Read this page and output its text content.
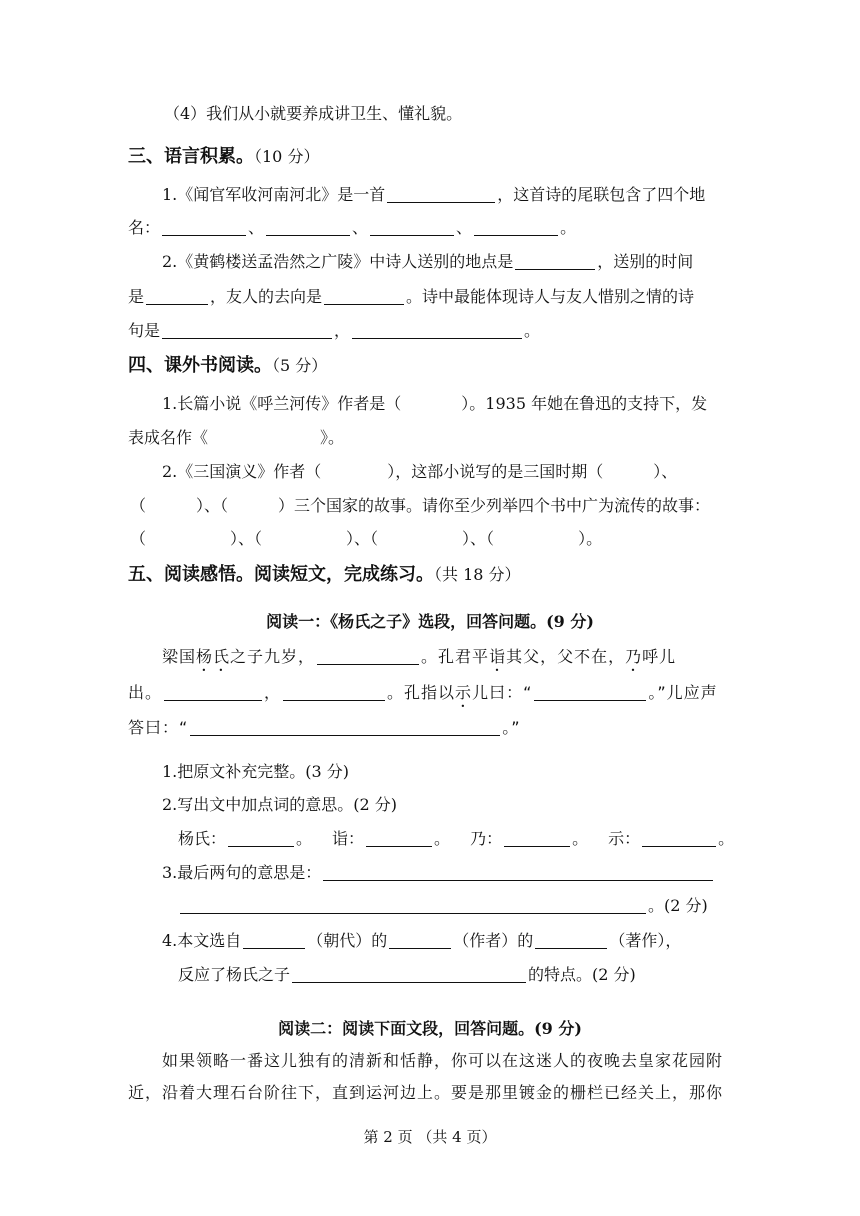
（4）我们从小就要养成讲卫生、懂礼貌。
三、语言积累。（10 分）
1.《闻官军收河南河北》是一首	，这首诗的尾联包含了四个地
名：	、	、	、	。
2.《黄鹤楼送孟浩然之广陵》中诗人送别的地点是	，送别的时间
是	，友人的去向是	。诗中最能体现诗人与友人惜别之情的诗
句是	，	。
四、课外书阅读。（5 分）
1.长篇小说《呼兰河传》作者是（	）。1935 年她在鲁迅的支持下，发
表成名作《	》。
2.《三国演义》作者（	），这部小说写的是三国时期（	）、
（	）、（	）三个国家的故事。请你至少列举四个书中广为流传的故事：
（	）、（	）、（	）、（	）。
五、阅读感悟。阅读短文，完成练习。（共 18 分）
阅读一：《杨氏之子》选段，回答问题。(9 分)
梁国杨氏之子九岁，	。孔君平诣其父，父不在，乃呼儿
出。	，	。孔指以示儿曰：“	。”儿应声
答曰：“	。”
1.把原文补充完整。(3 分)
2.写出文中加点词的意思。(2 分)
杨氏：	。 诣：	。 乃：	。 示：	。
3.最后两句的意思是：
。(2 分)
4.本文选自	（朝代）的	（作者）的	（著作），
反应了杨氏之子	的特点。(2 分)
阅读二：阅读下面文段，回答问题。(9 分)
如果领略一番这儿独有的清新和恬静，你可以在这迷人的夜晚去皇家花园附
近，沿着大理石台阶往下，直到运河边上。要是那里镀金的栅栏已经关上，那你
第 2 页 （共 4 页）
